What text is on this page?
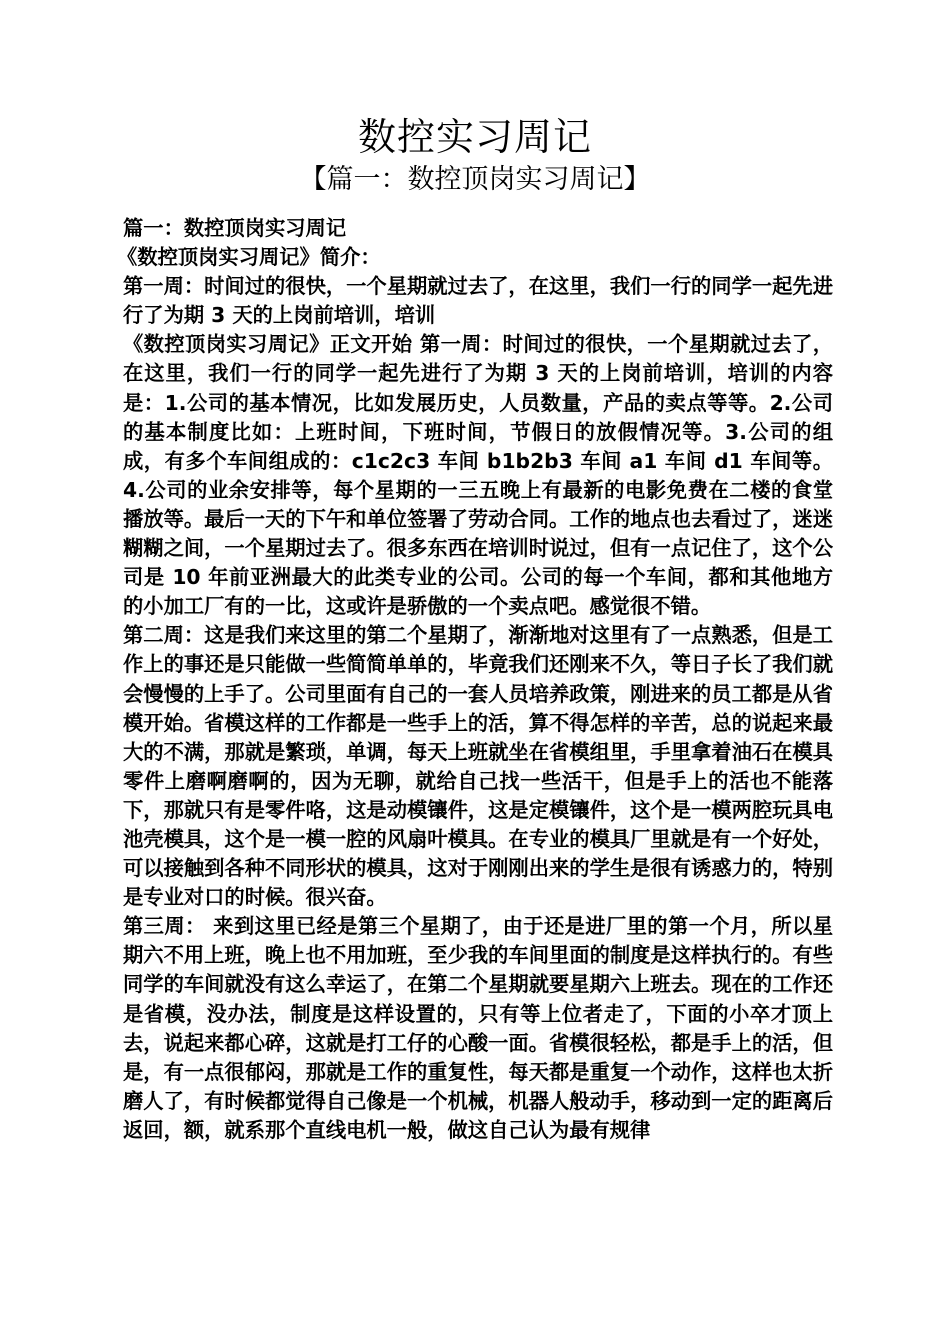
数控实习周记
【篇一：数控顶岗实习周记】

篇一：数控顶岗实习周记

《数控顶岗实习周记》简介：

第一周：时间过的很快，一个星期就过去了，在这里，我们一行的同学一起先进行了为期 3 天的上岗前培训，培训

《数控顶岗实习周记》正文开始 第一周：时间过的很快，一个星期就过去了，在这里，我们一行的同学一起先进行了为期 3 天的上岗前培训，培训的内容是：1.公司的基本情况，比如发展历史，人员数量，产品的卖点等等。2.公司的基本制度比如：上班时间，下班时间，节假日的放假情况等。3.公司的组成，有多个车间组成的：c1c2c3 车间 b1b2b3 车间 a1 车间 d1 车间等。4.公司的业余安排等，每个星期的一三五晚上有最新的电影免费在二楼的食堂播放等。最后一天的下午和单位签署了劳动合同。工作的地点也去看过了，迷迷糊糊之间，一个星期过去了。很多东西在培训时说过，但有一点记住了，这个公司是 10 年前亚洲最大的此类专业的公司。公司的每一个车间，都和其他地方的小加工厂有的一比，这或许是骄傲的一个卖点吧。感觉很不错。

第二周：这是我们来这里的第二个星期了，渐渐地对这里有了一点熟悉，但是工作上的事还是只能做一些简简单单的，毕竟我们还刚来不久，等日子长了我们就会慢慢的上手了。公司里面有自己的一套人员培养政策，刚进来的员工都是从省模开始。省模这样的工作都是一些手上的活，算不得怎样的辛苦，总的说起来最大的不满，那就是繁琐，单调，每天上班就坐在省模组里，手里拿着油石在模具零件上磨啊磨啊的，因为无聊，就给自己找一些活干，但是手上的活也不能落下，那就只有是零件咯，这是动模镶件，这是定模镶件，这个是一模两腔玩具电池壳模具，这个是一模一腔的风扇叶模具。在专业的模具厂里就是有一个好处，可以接触到各种不同形状的模具，这对于刚刚出来的学生是很有诱惑力的，特别是专业对口的时候。很兴奋。

第三周： 来到这里已经是第三个星期了，由于还是进厂里的第一个月，所以星期六不用上班，晚上也不用加班，至少我的车间里面的制度是这样执行的。有些同学的车间就没有这么幸运了，在第二个星期就要星期六上班去。现在的工作还是省模，没办法，制度是这样设置的，只有等上位者走了，下面的小卒才顶上去，说起来都心碎，这就是打工仔的心酸一面。省模很轻松，都是手上的活，但是，有一点很郁闷，那就是工作的重复性，每天都是重复一个动作，这样也太折磨人了，有时候都觉得自己像是一个机械，机器人般动手，移动到一定的距离后返回，额，就系那个直线电机一般，做这自己认为最有规律
